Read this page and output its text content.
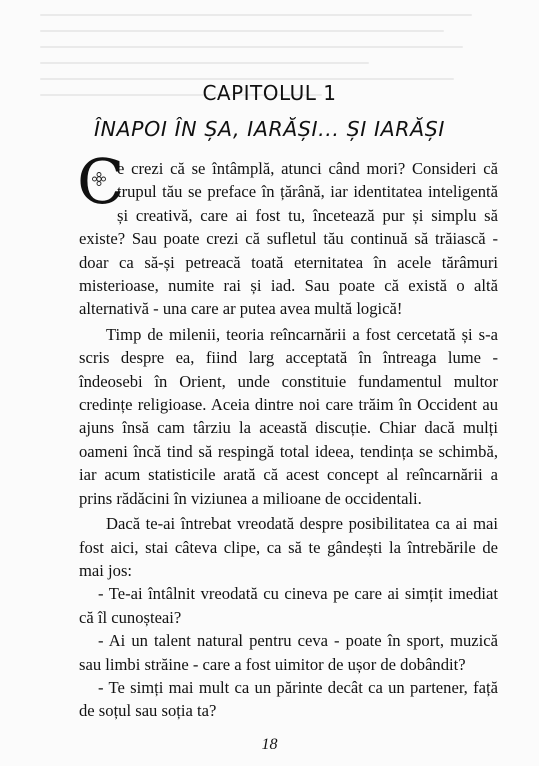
CAPITOLUL 1
ÎNAPOI ÎN ȘA, IARĂȘI... ȘI IARĂȘI

C
e crezi că se întâmplă, atunci când mori? Consideri că trupul tău se preface în țărână, iar identitatea inteligentă și creativă, care ai fost tu, încetează pur și simplu să existe? Sau poate crezi că sufletul tău continuă să trăiască - doar ca să-și petreacă toată eternitatea în acele tărâmuri misterioase, numite rai și iad. Sau poate că există o altă alternativă - una care ar putea avea multă logică!

Timp de milenii, teoria reîncarnării a fost cercetată și s-a scris despre ea, fiind larg acceptată în întreaga lume - îndeosebi în Orient, unde constituie fundamentul multor credințe religioase. Aceia dintre noi care trăim în Occident au ajuns însă cam târziu la această discuție. Chiar dacă mulți oameni încă tind să respingă total ideea, tendința se schimbă, iar acum statisticile arată că acest concept al reîncarnării a prins rădăcini în viziunea a milioane de occidentali.

Dacă te-ai întrebat vreodată despre posibilitatea ca ai mai fost aici, stai câteva clipe, ca să te gândești la întrebările de mai jos:

- Te-ai întâlnit vreodată cu cineva pe care ai simțit imediat că îl cunoșteai?

- Ai un talent natural pentru ceva - poate în sport, muzică sau limbi străine - care a fost uimitor de ușor de dobândit?

- Te simți mai mult ca un părinte decât ca un partener, față de soțul sau soția ta?

18
